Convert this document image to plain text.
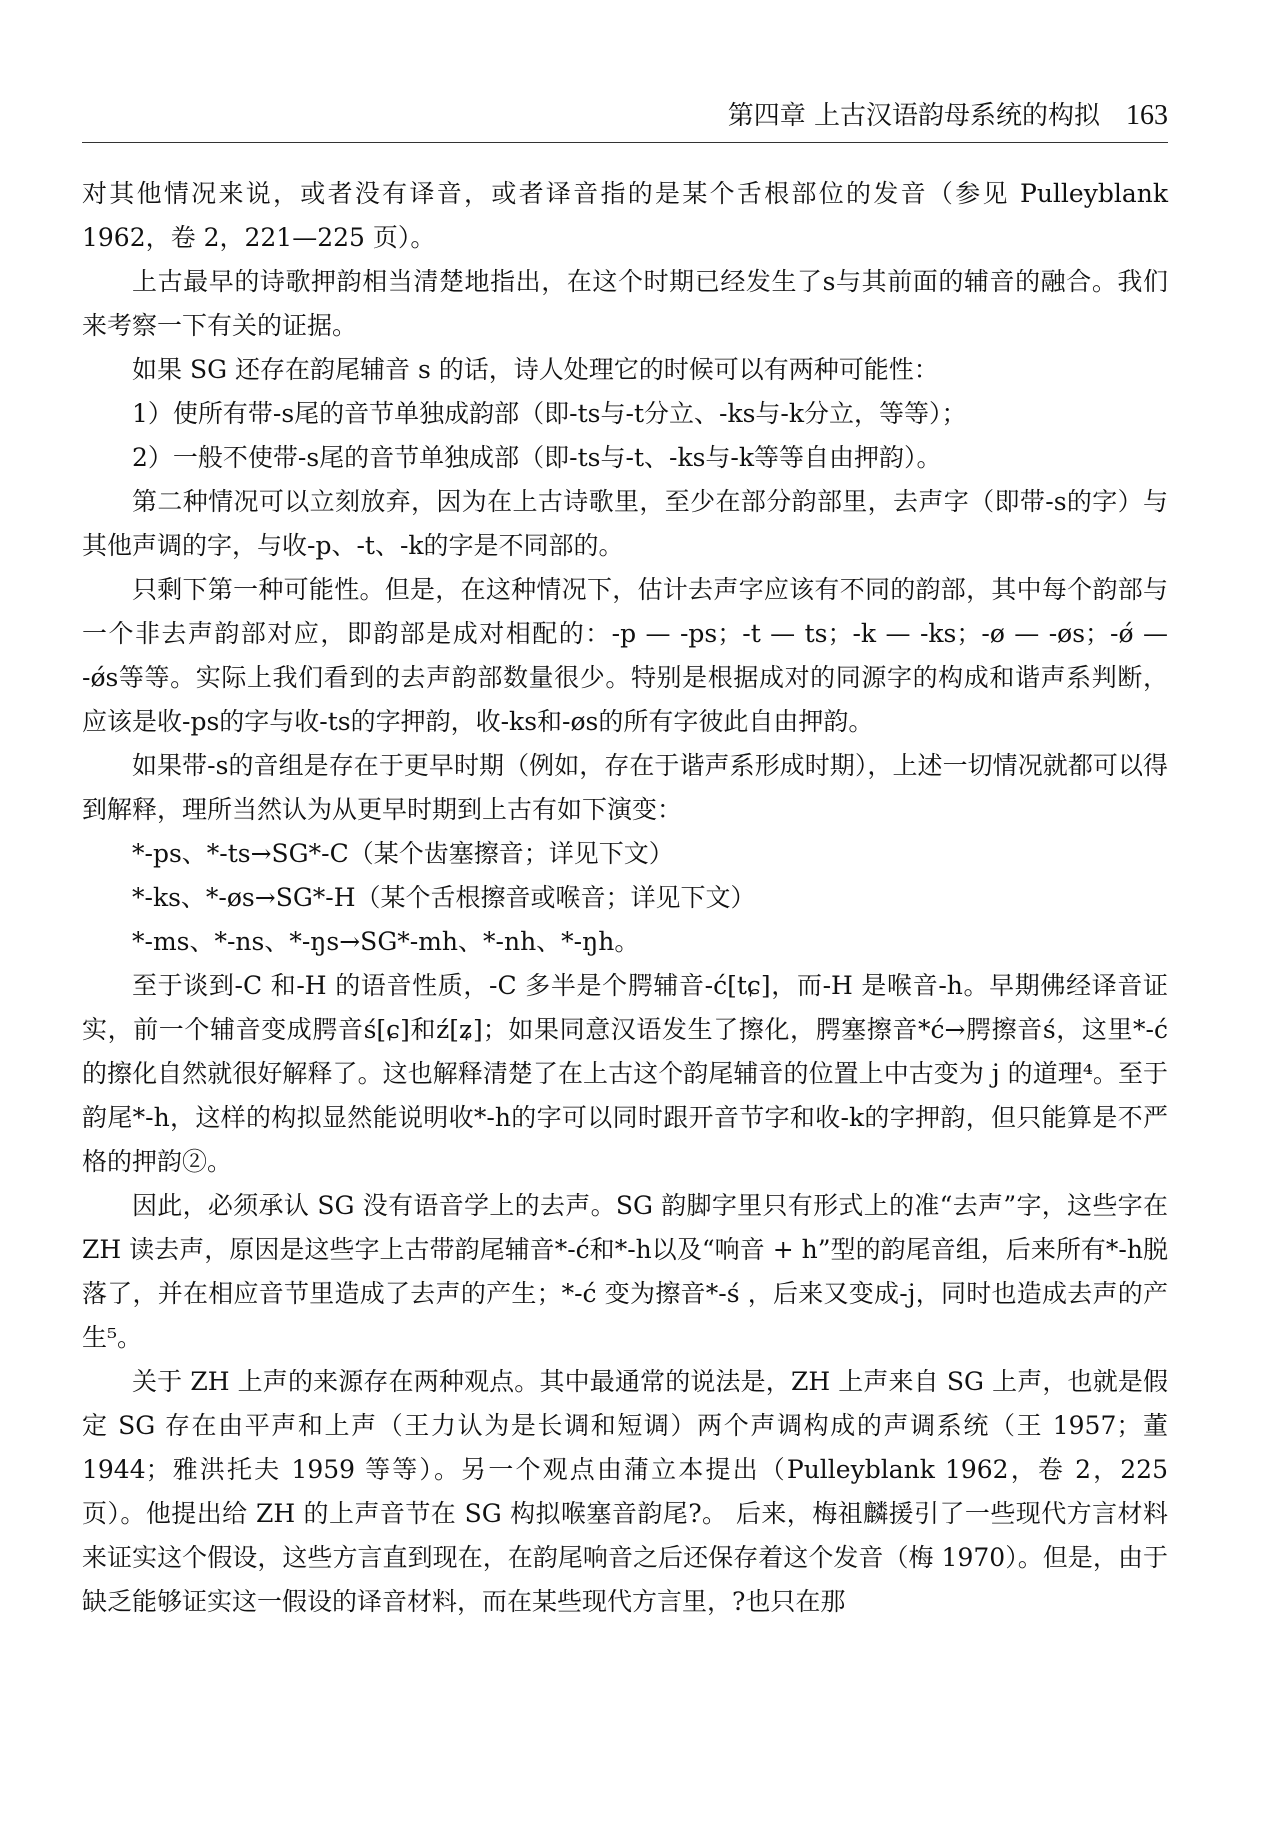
第四章 上古汉语韵母系统的构拟 163

对其他情况来说，或者没有译音，或者译音指的是某个舌根部位的发音（参见 Pulleyblank 1962，卷 2，221—225 页）。

上古最早的诗歌押韵相当清楚地指出，在这个时期已经发生了s与其前面的辅音的融合。我们来考察一下有关的证据。

如果 SG 还存在韵尾辅音 s 的话，诗人处理它的时候可以有两种可能性：

1）使所有带-s尾的音节单独成韵部（即-ts与-t分立、-ks与-k分立，等等）；

2）一般不使带-s尾的音节单独成部（即-ts与-t、-ks与-k等等自由押韵）。

第二种情况可以立刻放弃，因为在上古诗歌里，至少在部分韵部里，去声字（即带-s的字）与其他声调的字，与收-p、-t、-k的字是不同部的。

只剩下第一种可能性。但是，在这种情况下，估计去声字应该有不同的韵部，其中每个韵部与一个非去声韵部对应，即韵部是成对相配的：-p — -ps；-t — ts；-k — -ks；-ø — -øs；-ǿ — -ǿs等等。实际上我们看到的去声韵部数量很少。特别是根据成对的同源字的构成和谐声系判断，应该是收-ps的字与收-ts的字押韵，收-ks和-øs的所有字彼此自由押韵。

如果带-s的音组是存在于更早时期（例如，存在于谐声系形成时期），上述一切情况就都可以得到解释，理所当然认为从更早时期到上古有如下演变：

*-ps、*-ts→SG*-C（某个齿塞擦音；详见下文）

*-ks、*-øs→SG*-H（某个舌根擦音或喉音；详见下文）

*-ms、*-ns、*-ŋs→SG*-mh、*-nh、*-ŋh。

至于谈到-C 和-H 的语音性质，-C 多半是个腭辅音-ć[tɕ]，而-H 是喉音-h。早期佛经译音证实，前一个辅音变成腭音ś[ɕ]和ź[ʑ]；如果同意汉语发生了擦化，腭塞擦音*ć→腭擦音ś，这里*-ć的擦化自然就很好解释了。这也解释清楚了在上古这个韵尾辅音的位置上中古变为 j 的道理⁴。至于韵尾*-h，这样的构拟显然能说明收*-h的字可以同时跟开音节字和收-k的字押韵，但只能算是不严格的押韵②。

因此，必须承认 SG 没有语音学上的去声。SG 韵脚字里只有形式上的准“去声”字，这些字在 ZH 读去声，原因是这些字上古带韵尾辅音*-ć和*-h以及“响音 + h”型的韵尾音组，后来所有*-h脱落了，并在相应音节里造成了去声的产生；*-ć 变为擦音*-ś ，后来又变成-j，同时也造成去声的产生⁵。

关于 ZH 上声的来源存在两种观点。其中最通常的说法是，ZH 上声来自 SG 上声，也就是假定 SG 存在由平声和上声（王力认为是长调和短调）两个声调构成的声调系统（王 1957；董 1944；雅洪托夫 1959 等等）。另一个观点由蒲立本提出（Pulleyblank 1962，卷 2，225 页）。他提出给 ZH 的上声音节在 SG 构拟喉塞音韵尾?。 后来，梅祖麟援引了一些现代方言材料来证实这个假设，这些方言直到现在，在韵尾响音之后还保存着这个发音（梅 1970）。但是，由于缺乏能够证实这一假设的译音材料，而在某些现代方言里，?也只在那
